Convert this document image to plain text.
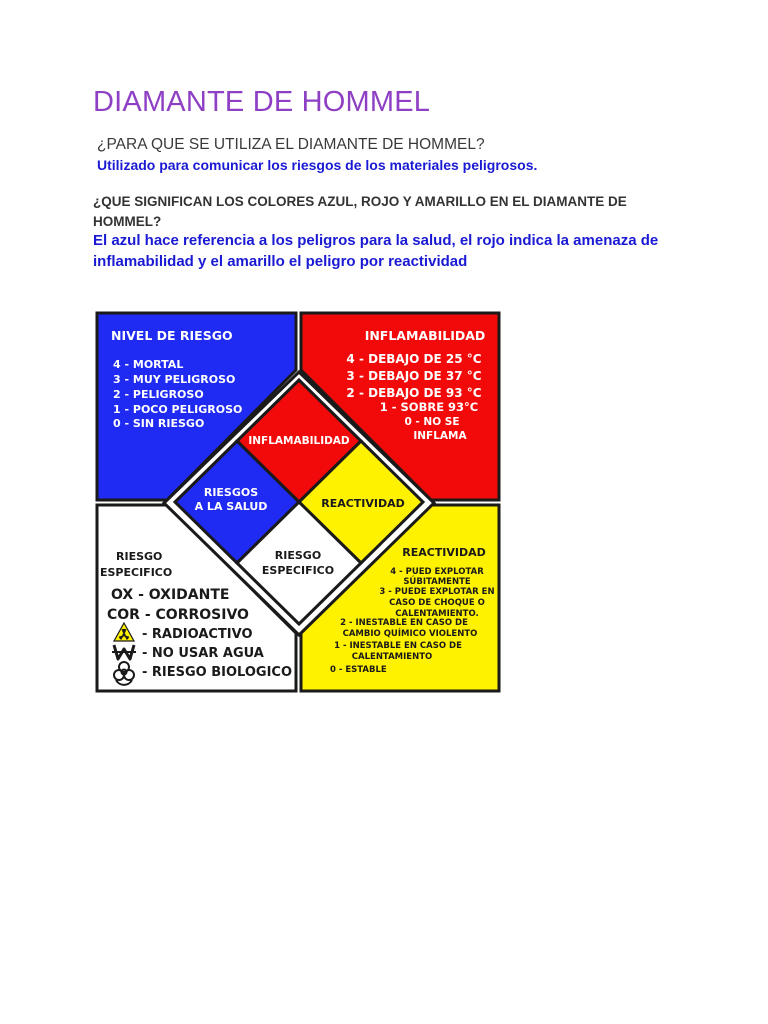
DIAMANTE DE HOMMEL
¿PARA QUE SE UTILIZA EL DIAMANTE DE HOMMEL?
Utilizado para comunicar los riesgos de los materiales peligrosos.
¿QUE SIGNIFICAN LOS COLORES AZUL, ROJO Y AMARILLO EN EL DIAMANTE DE HOMMEL?
El azul hace referencia a los peligros para la salud, el rojo indica la amenaza de inflamabilidad y el amarillo el peligro por reactividad
NIVEL DE RIESGO
4 - MORTAL
3 - MUY PELIGROSO
2 - PELIGROSO
1 - POCO PELIGROSO
0 - SIN RIESGO
INFLAMABILIDAD
4 - DEBAJO DE 25 °C
3 - DEBAJO DE 37 °C
2 - DEBAJO DE 93 °C
1 - SOBRE 93°C
0 - NO SE
INFLAMA
INFLAMABILIDAD
RIESGOS
A LA SALUD	REACTIVIDAD
RIESGO
ESPECIFICO
RIESGO
ESPECIFICO
OX - OXIDANTE
COR - CORROSIVO
- RADIOACTIVO
- NO USAR AGUA
- RIESGO BIOLOGICO
REACTIVIDAD
4 - PUED EXPLOTAR
SÚBITAMENTE
3 - PUEDE EXPLOTAR EN
CASO DE CHOQUE O
CALENTAMIENTO.
2 - INESTABLE EN CASO DE
CAMBIO QUÍMICO VIOLENTO
1 - INESTABLE EN CASO DE
CALENTAMIENTO
0 - ESTABLE
